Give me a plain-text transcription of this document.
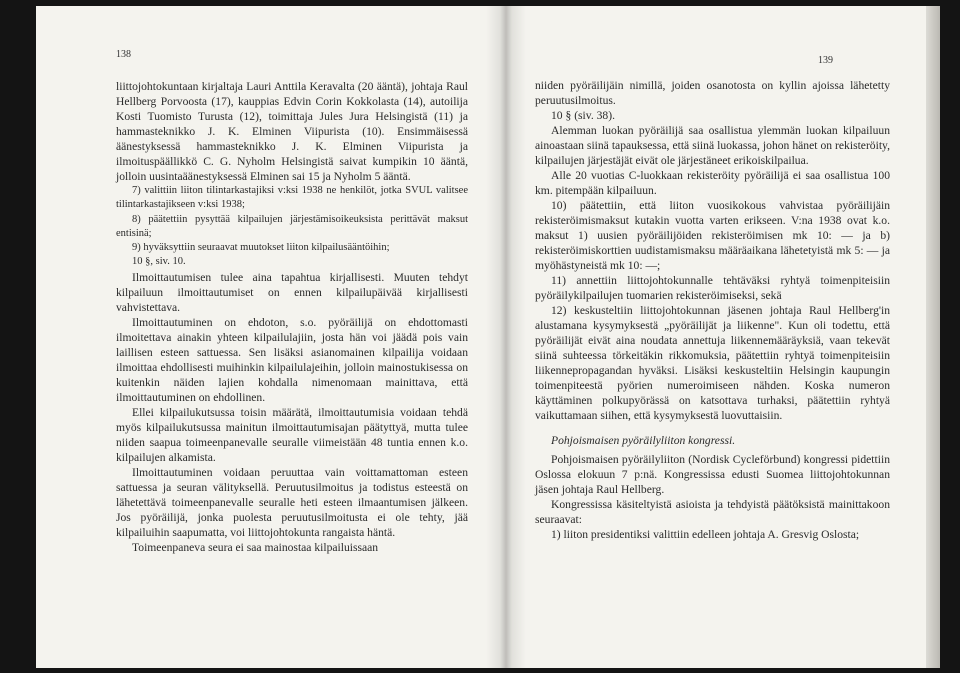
138
139

liittojohtokuntaan kirjaltaja Lauri Anttila Keravalta (20 ääntä), johtaja Raul Hellberg Porvoosta (17), kauppias Edvin Corin Kokkolasta (14), autoilija Kosti Tuomisto Turusta (12), toimittaja Jules Jura Helsingistä (11) ja hammasteknikko J. K. Elminen Viipurista (10). Ensimmäisessä äänestyksessä hammasteknikko J. K. Elminen Viipurista ja ilmoituspäällikkö C. G. Nyholm Helsingistä saivat kumpikin 10 ääntä, jolloin uusintaäänestyksessä Elminen sai 15 ja Nyholm 5 ääntä.

7) valittiin liiton tilintarkastajiksi v:ksi 1938 ne henkilöt, jotka SVUL valitsee tilintarkastajikseen v:ksi 1938;

8) päätettiin pysyttää kilpailujen järjestämisoikeuksista perittävät maksut entisinä;

9) hyväksyttiin seuraavat muutokset liiton kilpailusääntöihin;

10 §, siv. 10.

Ilmoittautumisen tulee aina tapahtua kirjallisesti. Muuten tehdyt kilpailuun ilmoittautumiset on ennen kilpailupäivää kirjallisesti vahvistettava.

Ilmoittautuminen on ehdoton, s.o. pyöräilijä on ehdottomasti ilmoitettava ainakin yhteen kilpailulajiin, josta hän voi jäädä pois vain laillisen esteen sattuessa. Sen lisäksi asianomainen kilpailija voidaan ilmoittaa ehdollisesti muihinkin kilpailulajeihin, jolloin mainostukisessa on kuitenkin näiden lajien kohdalla nimenomaan mainittava, että ilmoittautuminen on ehdollinen.

Ellei kilpailukutsussa toisin määrätä, ilmoittautumisia voidaan tehdä myös kilpailukutsussa mainitun ilmoittautumisajan päätyttyä, mutta tulee niiden saapua toimeenpanevalle seuralle viimeistään 48 tuntia ennen k.o. kilpailujen alkamista.

Ilmoittautuminen voidaan peruuttaa vain voittamattoman esteen sattuessa ja seuran välityksellä. Peruutusilmoitus ja todistus esteestä on lähetettävä toimeenpanevalle seuralle heti esteen ilmaantumisen jälkeen. Jos pyöräilijä, jonka puolesta peruutusilmoitusta ei ole tehty, jää kilpailuihin saapumatta, voi liittojohtokunta rangaista häntä.

Toimeenpaneva seura ei saa mainostaa kilpailuissaan

niiden pyöräilijäin nimillä, joiden osanotosta on kyllin ajoissa lähetetty peruutusilmoitus.

10 § (siv. 38).

Alemman luokan pyöräilijä saa osallistua ylemmän luokan kilpailuun ainoastaan siinä tapauksessa, että siinä luokassa, johon hänet on rekisteröity, kilpailujen järjestäjät eivät ole järjestäneet erikoiskilpailua.

Alle 20 vuotias C-luokkaan rekisteröity pyöräilijä ei saa osallistua 100 km. pitempään kilpailuun.

10) päätettiin, että liiton vuosikokous vahvistaa pyöräilijäin rekisteröimismaksut kutakin vuotta varten erikseen. V:na 1938 ovat k.o. maksut 1) uusien pyöräilijöiden rekisteröimisen mk 10: — ja b) rekisteröimiskorttien uudistamismaksu määräaikana lähetetyistä mk 5: — ja myöhästyneistä mk 10: —;

11) annettiin liittojohtokunnalle tehtäväksi ryhtyä toimenpiteisiin pyöräilykilpailujen tuomarien rekisteröimiseksi, sekä

12) keskusteltiin liittojohtokunnan jäsenen johtaja Raul Hellberg'in alustamana kysymyksestä „pyöräilijät ja liikenne". Kun oli todettu, että pyöräilijät eivät aina noudata annettuja liikennemääräyksiä, vaan tekevät siinä suhteessa törkeitäkin rikkomuksia, päätettiin ryhtyä toimenpiteisiin liikennepropagandan hyväksi. Lisäksi keskusteltiin Helsingin kaupungin toimenpiteestä pyörien numeroimiseen nähden. Koska numeron käyttäminen polkupyörässä on katsottava turhaksi, päätettiin ryhtyä vaikuttamaan siihen, että kysymyksestä luovuttaisiin.

Pohjoismaisen pyöräilyliiton kongressi.

Pohjoismaisen pyöräilyliiton (Nordisk Cycleförbund) kongressi pidettiin Oslossa elokuun 7 p:nä. Kongressissa edusti Suomea liittojohtokunnan jäsen johtaja Raul Hellberg.

Kongressissa käsiteltyistä asioista ja tehdyistä päätöksistä mainittakoon seuraavat:

1) liiton presidentiksi valittiin edelleen johtaja A. Gresvig Oslosta;
